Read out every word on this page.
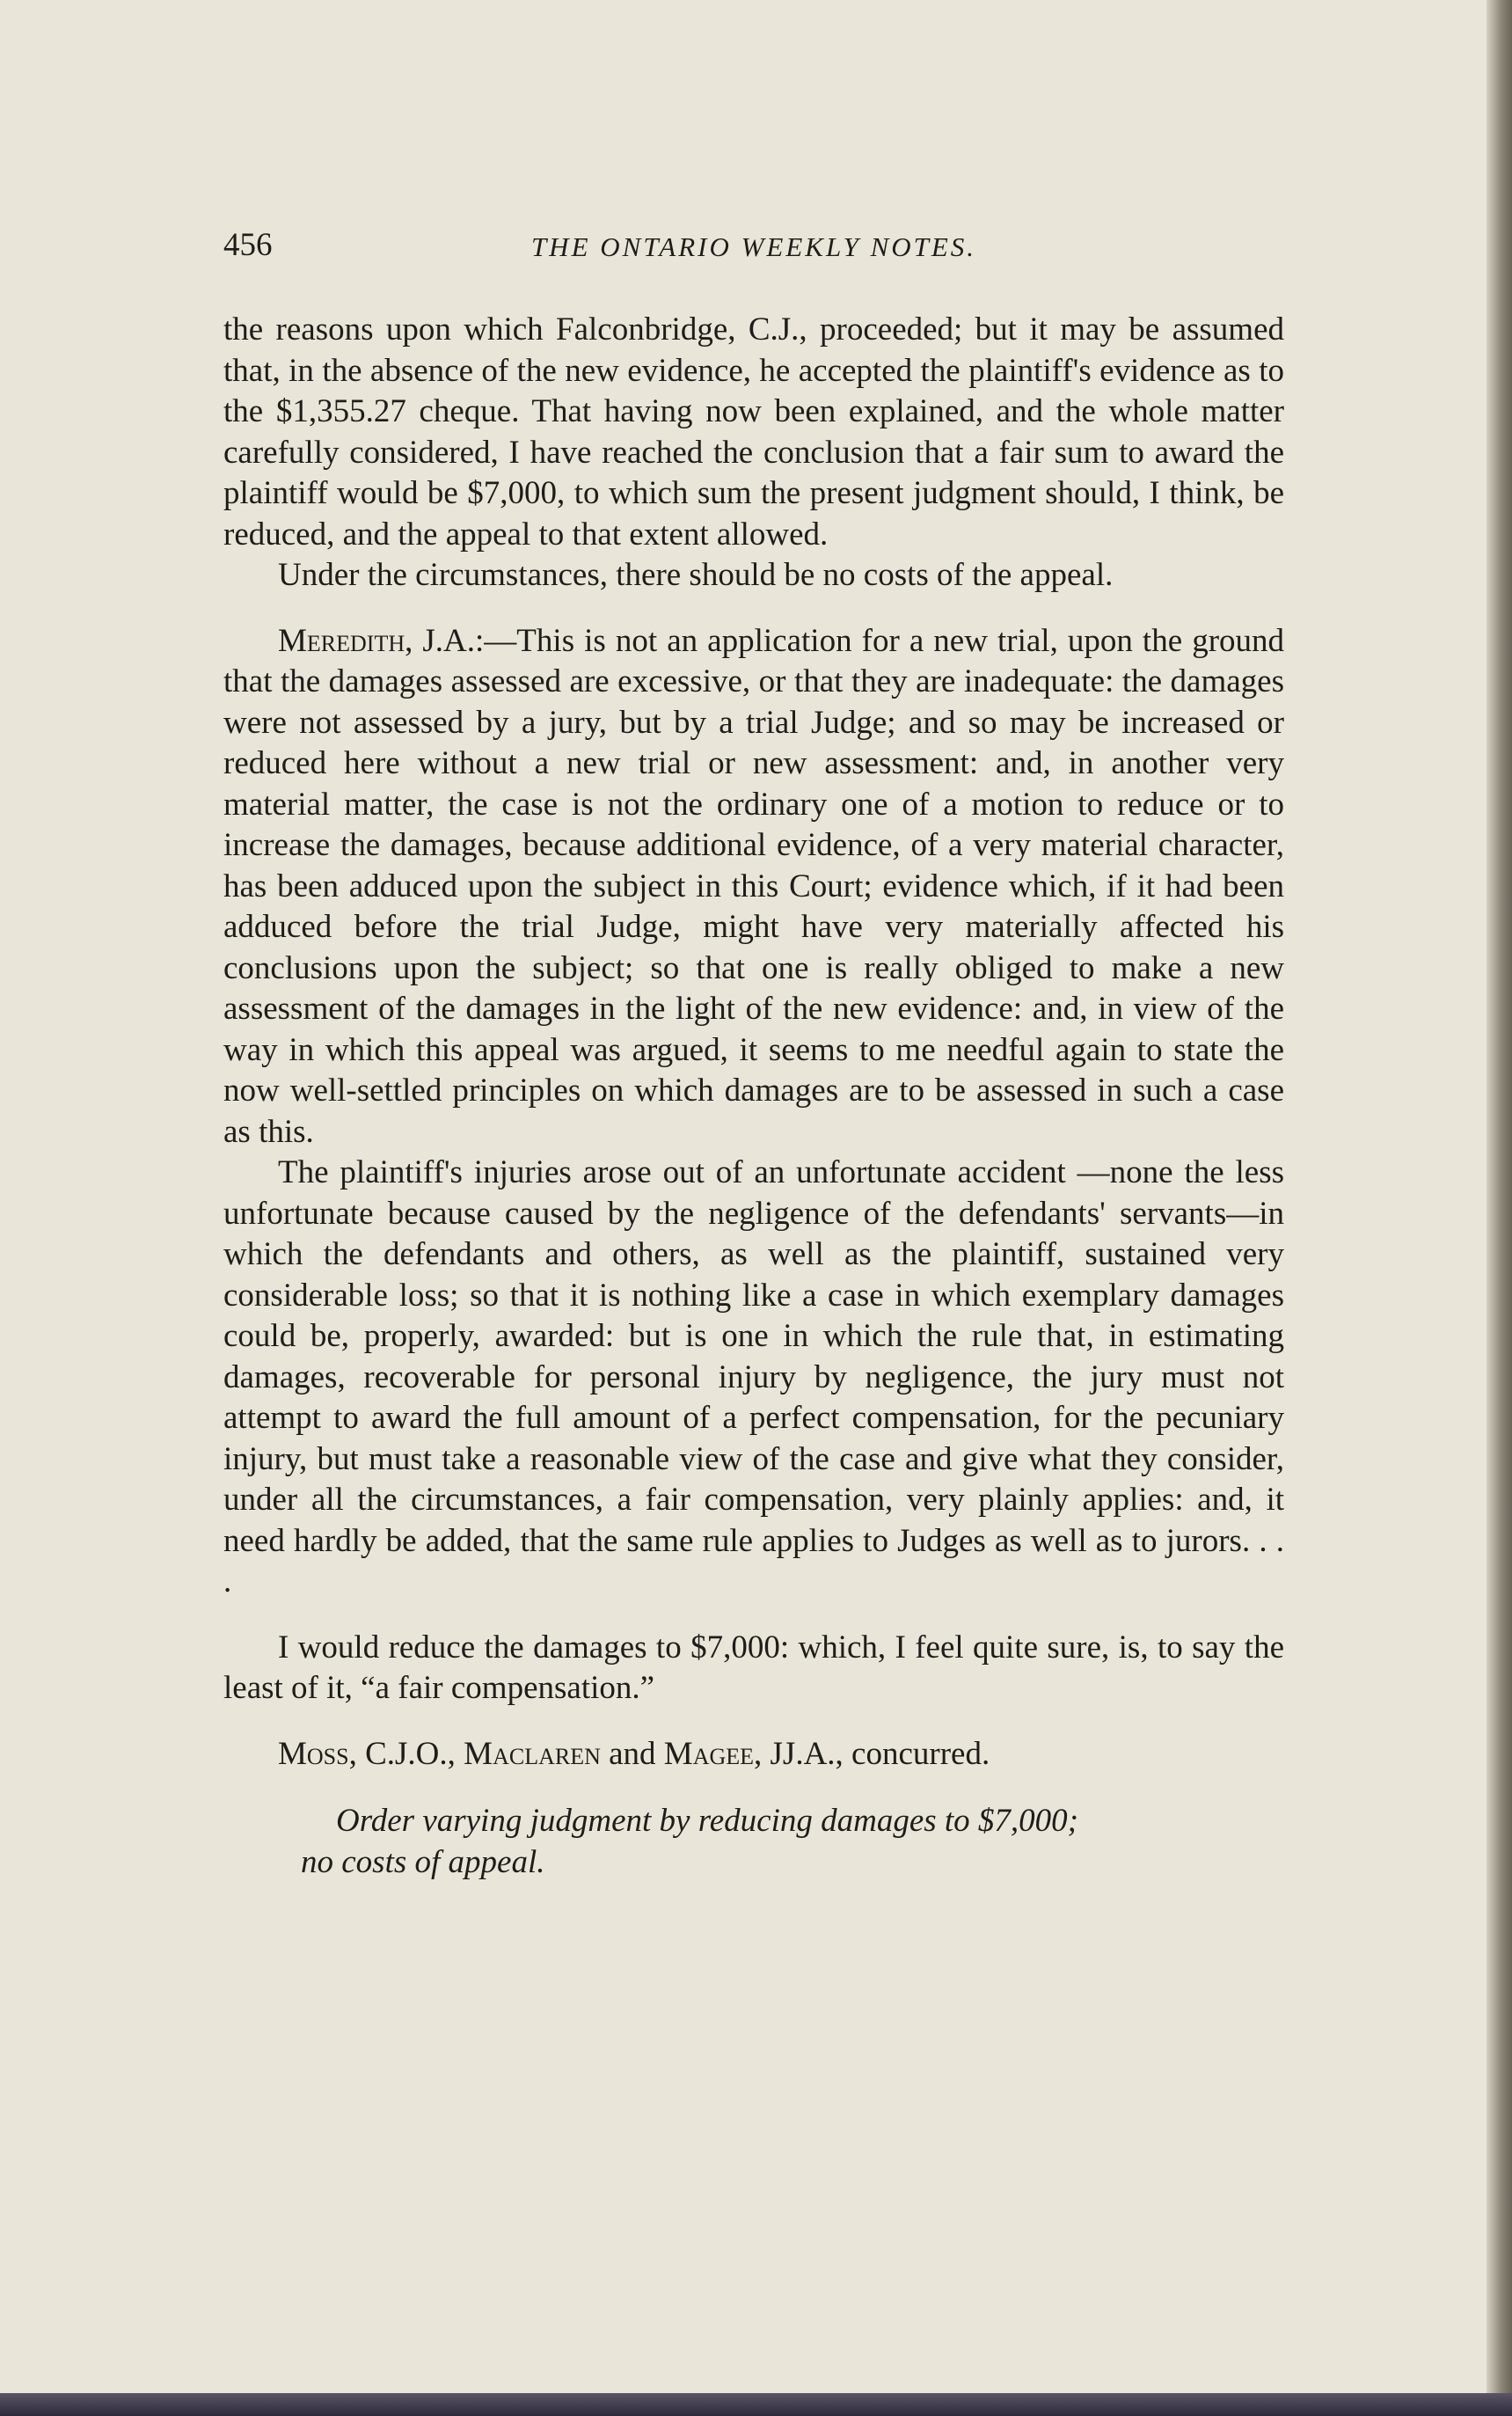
456	THE ONTARIO WEEKLY NOTES.

the reasons upon which Falconbridge, C.J., proceeded; but it may be assumed that, in the absence of the new evidence, he accepted the plaintiff's evidence as to the $1,355.27 cheque. That having now been explained, and the whole matter carefully considered, I have reached the conclusion that a fair sum to award the plaintiff would be $7,000, to which sum the present judgment should, I think, be reduced, and the appeal to that extent allowed.

Under the circumstances, there should be no costs of the appeal.

Meredith, J.A.:—This is not an application for a new trial, upon the ground that the damages assessed are excessive, or that they are inadequate: the damages were not assessed by a jury, but by a trial Judge; and so may be increased or reduced here without a new trial or new assessment: and, in another very material matter, the case is not the ordinary one of a motion to reduce or to increase the damages, because additional evidence, of a very material character, has been adduced upon the subject in this Court; evidence which, if it had been adduced before the trial Judge, might have very materially affected his conclusions upon the subject; so that one is really obliged to make a new assessment of the damages in the light of the new evidence: and, in view of the way in which this appeal was argued, it seems to me needful again to state the now well-settled principles on which damages are to be assessed in such a case as this.

The plaintiff's injuries arose out of an unfortunate accident —none the less unfortunate because caused by the negligence of the defendants' servants—in which the defendants and others, as well as the plaintiff, sustained very considerable loss; so that it is nothing like a case in which exemplary damages could be, properly, awarded: but is one in which the rule that, in estimating damages, recoverable for personal injury by negligence, the jury must not attempt to award the full amount of a perfect compensation, for the pecuniary injury, but must take a reasonable view of the case and give what they consider, under all the circumstances, a fair compensation, very plainly applies: and, it need hardly be added, that the same rule applies to Judges as well as to jurors. . . .

I would reduce the damages to $7,000: which, I feel quite sure, is, to say the least of it, “a fair compensation.”

Moss, C.J.O., Maclaren and Magee, JJ.A., concurred.

Order varying judgment by reducing damages to $7,000;

no costs of appeal.
